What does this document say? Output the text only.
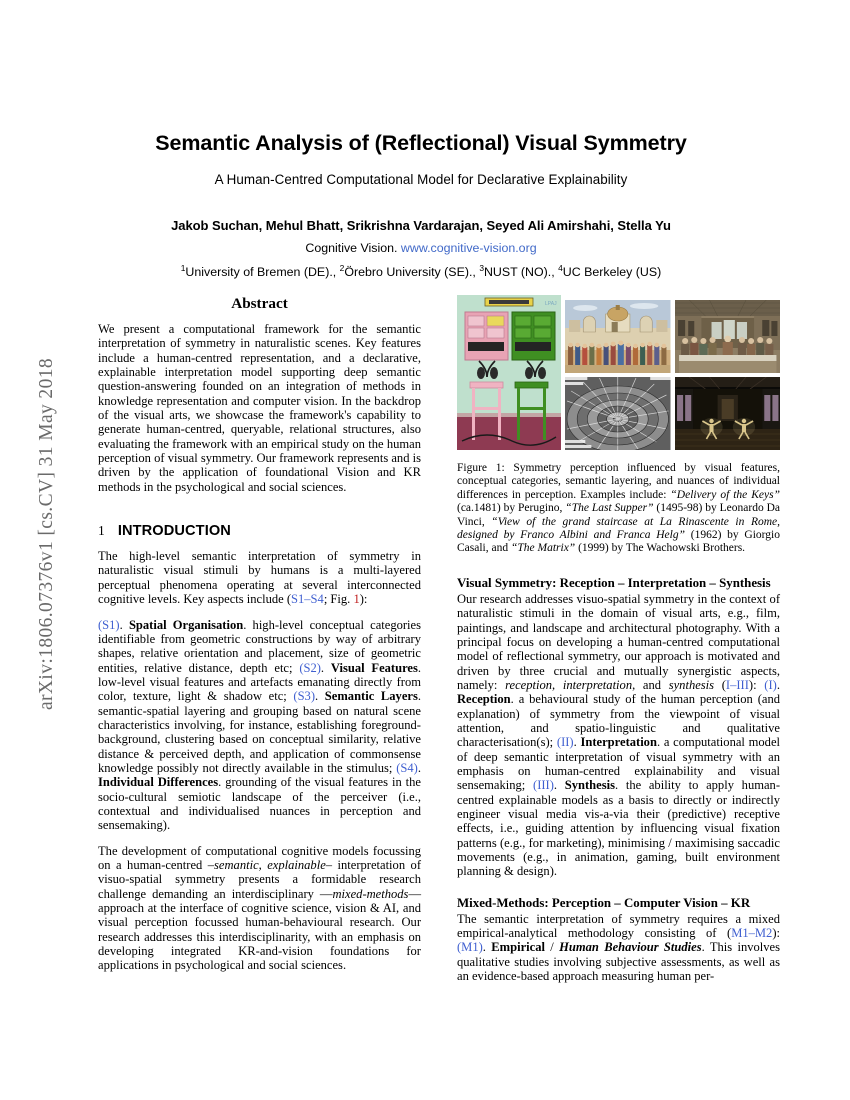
arXiv:1806.07376v1 [cs.CV] 31 May 2018
Semantic Analysis of (Reflectional) Visual Symmetry
A Human-Centred Computational Model for Declarative Explainability
Jakob Suchan, Mehul Bhatt, Srikrishna Vardarajan, Seyed Ali Amirshahi, Stella Yu
Cognitive Vision. www.cognitive-vision.org
$^1$University of Bremen (DE)., $^2$Örebro University (SE)., $^3$NUST (NO)., $^4$UC Berkeley (US)
Abstract

We present a computational framework for the semantic interpretation of symmetry in naturalistic scenes. Key features include a human-centred representation, and a declarative, explainable interpretation model supporting deep semantic question-answering founded on an integration of methods in knowledge representation and computer vision. In the backdrop of the visual arts, we showcase the framework's capability to generate human-centred, queryable, relational structures, also evaluating the framework with an empirical study on the human perception of visual symmetry. Our framework represents and is driven by the application of foundational Vision and KR methods in the psychological and social sciences.

1 INTRODUCTION

The high-level semantic interpretation of symmetry in naturalistic visual stimuli by humans is a multi-layered perceptual phenomena operating at several interconnected cognitive levels. Key aspects include (S1–S4; Fig. 1):

(S1). Spatial Organisation. high-level conceptual categories identifiable from geometric constructions by way of arbitrary shapes, relative orientation and placement, size of geometric entities, relative distance, depth etc; (S2). Visual Features. low-level visual features and artefacts emanating directly from color, texture, light & shadow etc; (S3). Semantic Layers. semantic-spatial layering and grouping based on natural scene characteristics involving, for instance, establishing foreground-background, clustering based on conceptual similarity, relative distance & perceived depth, and application of commonsense knowledge possibly not directly available in the stimulus; (S4). Individual Differences. grounding of the visual features in the socio-cultural semiotic landscape of the perceiver (i.e., contextual and individualised nuances in perception and sensemaking).

The development of computational cognitive models focussing on a human-centred –semantic, explainable– interpretation of visuo-spatial symmetry presents a formidable research challenge demanding an interdisciplinary —mixed-methods— approach at the interface of cognitive science, vision & AI, and visual perception focussed human-behavioural research. Our research addresses this interdisciplinarity, with an emphasis on developing integrated KR-and-vision foundations for applications in psychological and social sciences.

LPAJ

Figure 1: Symmetry perception influenced by visual features, conceptual categories, semantic layering, and nuances of individual differences in perception. Examples include: “Delivery of the Keys” (ca.1481) by Perugino, “The Last Supper” (1495-98) by Leonardo Da Vinci, “View of the grand staircase at La Rinascente in Rome, designed by Franco Albini and Franca Helg” (1962) by Giorgio Casali, and “The Matrix” (1999) by The Wachowski Brothers.

Visual Symmetry: Reception – Interpretation – Synthesis

Our research addresses visuo-spatial symmetry in the context of naturalistic stimuli in the domain of visual arts, e.g., film, paintings, and landscape and architectural photography. With a principal focus on developing a human-centred computational model of reflectional symmetry, our approach is motivated and driven by three crucial and mutually synergistic aspects, namely: reception, interpretation, and synthesis (I–III): (I). Reception. a behavioural study of the human perception (and explanation) of symmetry from the viewpoint of visual attention, and spatio-linguistic and qualitative characterisation(s); (II). Interpretation. a computational model of deep semantic interpretation of visual symmetry with an emphasis on human-centred explainability and visual sensemaking; (III). Synthesis. the ability to apply human-centred explainable models as a basis to directly or indirectly engineer visual media vis-a-via their (predictive) receptive effects, i.e., guiding attention by influencing visual fixation patterns (e.g., for marketing), minimising / maximising saccadic movements (e.g., in animation, gaming, built environment planning & design).

Mixed-Methods: Perception – Computer Vision – KR

The semantic interpretation of symmetry requires a mixed empirical-analytical methodology consisting of (M1–M2): (M1). Empirical / Human Behaviour Studies. This involves qualitative studies involving subjective assessments, as well as an evidence-based approach measuring human per-
